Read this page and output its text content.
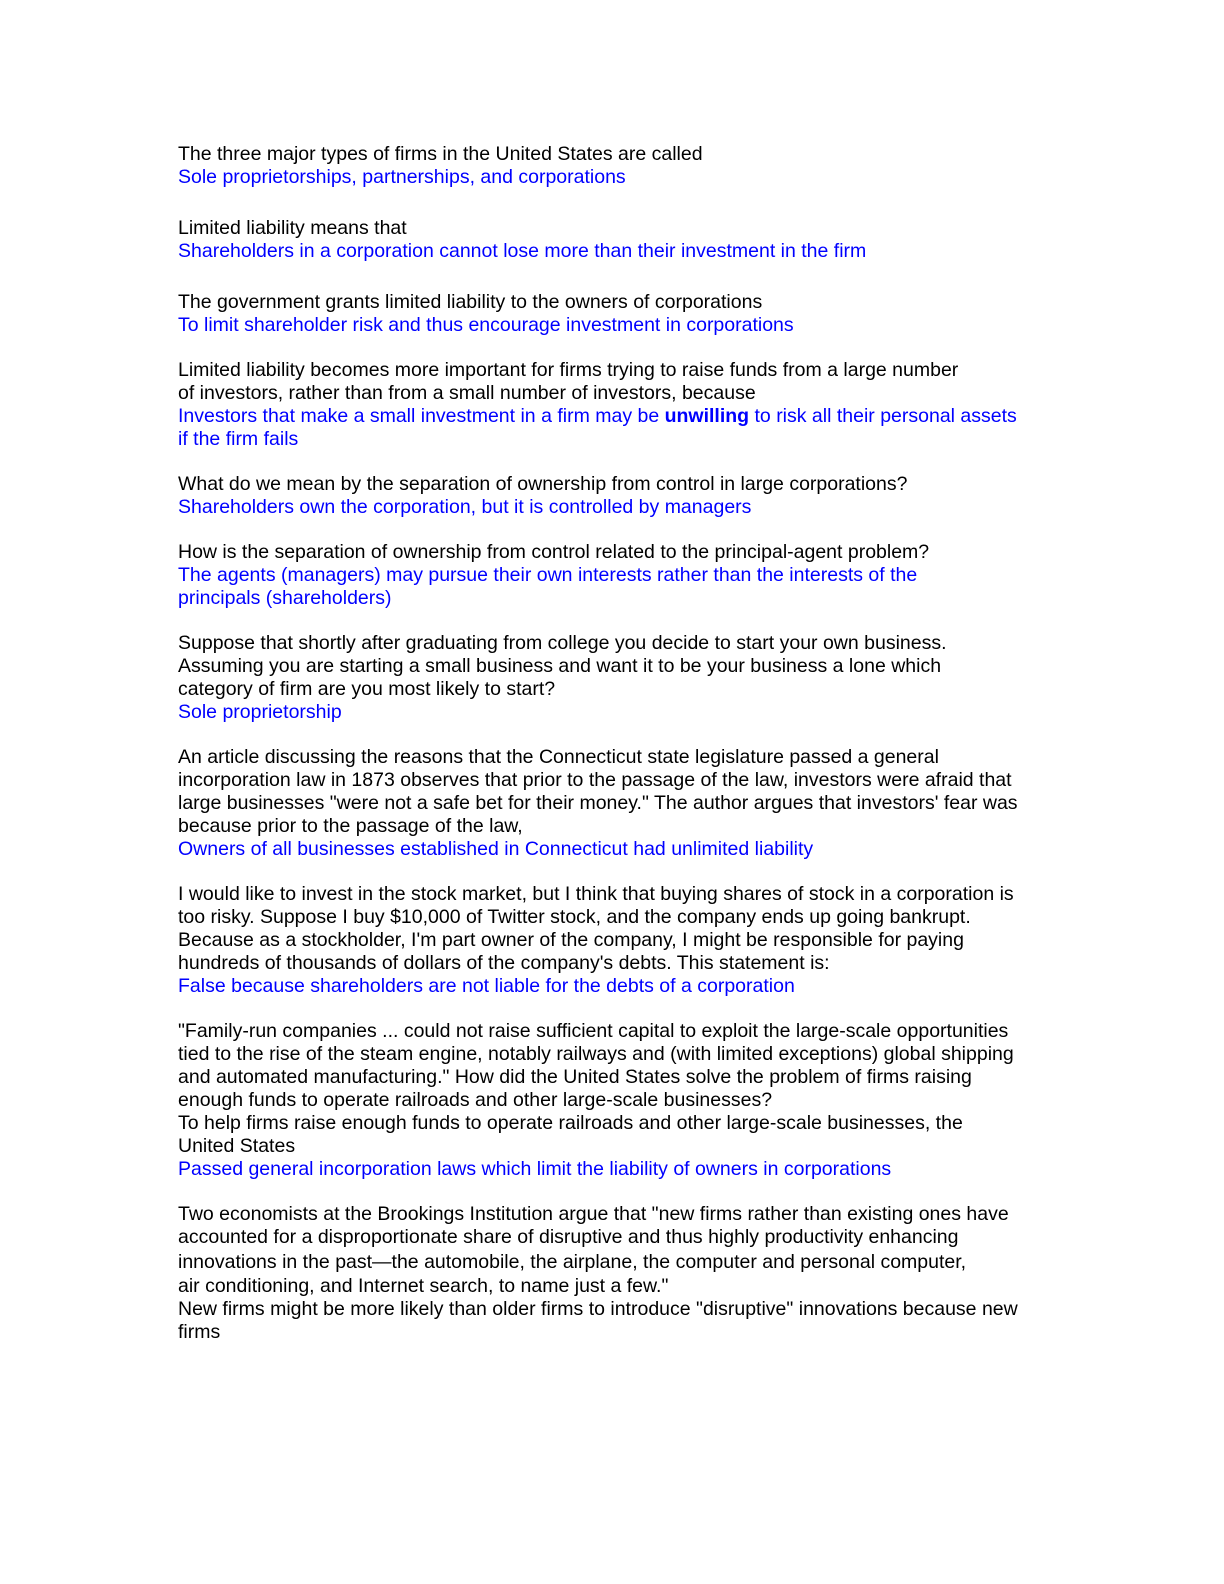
The three major types of firms in the United States are called
Sole proprietorships, partnerships, and corporations
Limited liability means that
Shareholders in a corporation cannot lose more than their investment in the firm
The government grants limited liability to the owners of corporations
To limit shareholder risk and thus encourage investment in corporations
Limited liability becomes more important for firms trying to raise funds from a large number
of investors, rather than from a small number of investors, because
Investors that make a small investment in a firm may be unwilling to risk all their personal assets
if the firm fails
What do we mean by the separation of ownership from control in large corporations?
Shareholders own the corporation, but it is controlled by managers
How is the separation of ownership from control related to the principal-agent problem?
The agents (managers) may pursue their own interests rather than the interests of the
principals (shareholders)
Suppose that shortly after graduating from college you decide to start your own business.
Assuming you are starting a small business and want it to be your business a lone which
category of firm are you most likely to start?
Sole proprietorship
An article discussing the reasons that the Connecticut state legislature passed a general
incorporation law in 1873 observes that prior to the passage of the law, investors were afraid that
large businesses "were not a safe bet for their money." The author argues that investors' fear was
because prior to the passage of the law,
Owners of all businesses established in Connecticut had unlimited liability
I would like to invest in the stock market, but I think that buying shares of stock in a corporation is
too risky. Suppose I buy $10,000 of Twitter stock, and the company ends up going bankrupt.
Because as a stockholder, I'm part owner of the company, I might be responsible for paying
hundreds of thousands of dollars of the company's debts. This statement is:
False because shareholders are not liable for the debts of a corporation
"Family-run companies ... could not raise sufficient capital to exploit the large-scale opportunities
tied to the rise of the steam engine, notably railways and (with limited exceptions) global shipping
and automated manufacturing." How did the United States solve the problem of firms raising
enough funds to operate railroads and other large-scale businesses?
To help firms raise enough funds to operate railroads and other large-scale businesses, the
United States
Passed general incorporation laws which limit the liability of owners in corporations
Two economists at the Brookings Institution argue that "new firms rather than existing ones have
accounted for a disproportionate share of disruptive and thus highly productivity enhancing
innovations in the past—the automobile, the airplane, the computer and personal computer,
air conditioning, and Internet search, to name just a few."
New firms might be more likely than older firms to introduce "disruptive" innovations because new
firms
